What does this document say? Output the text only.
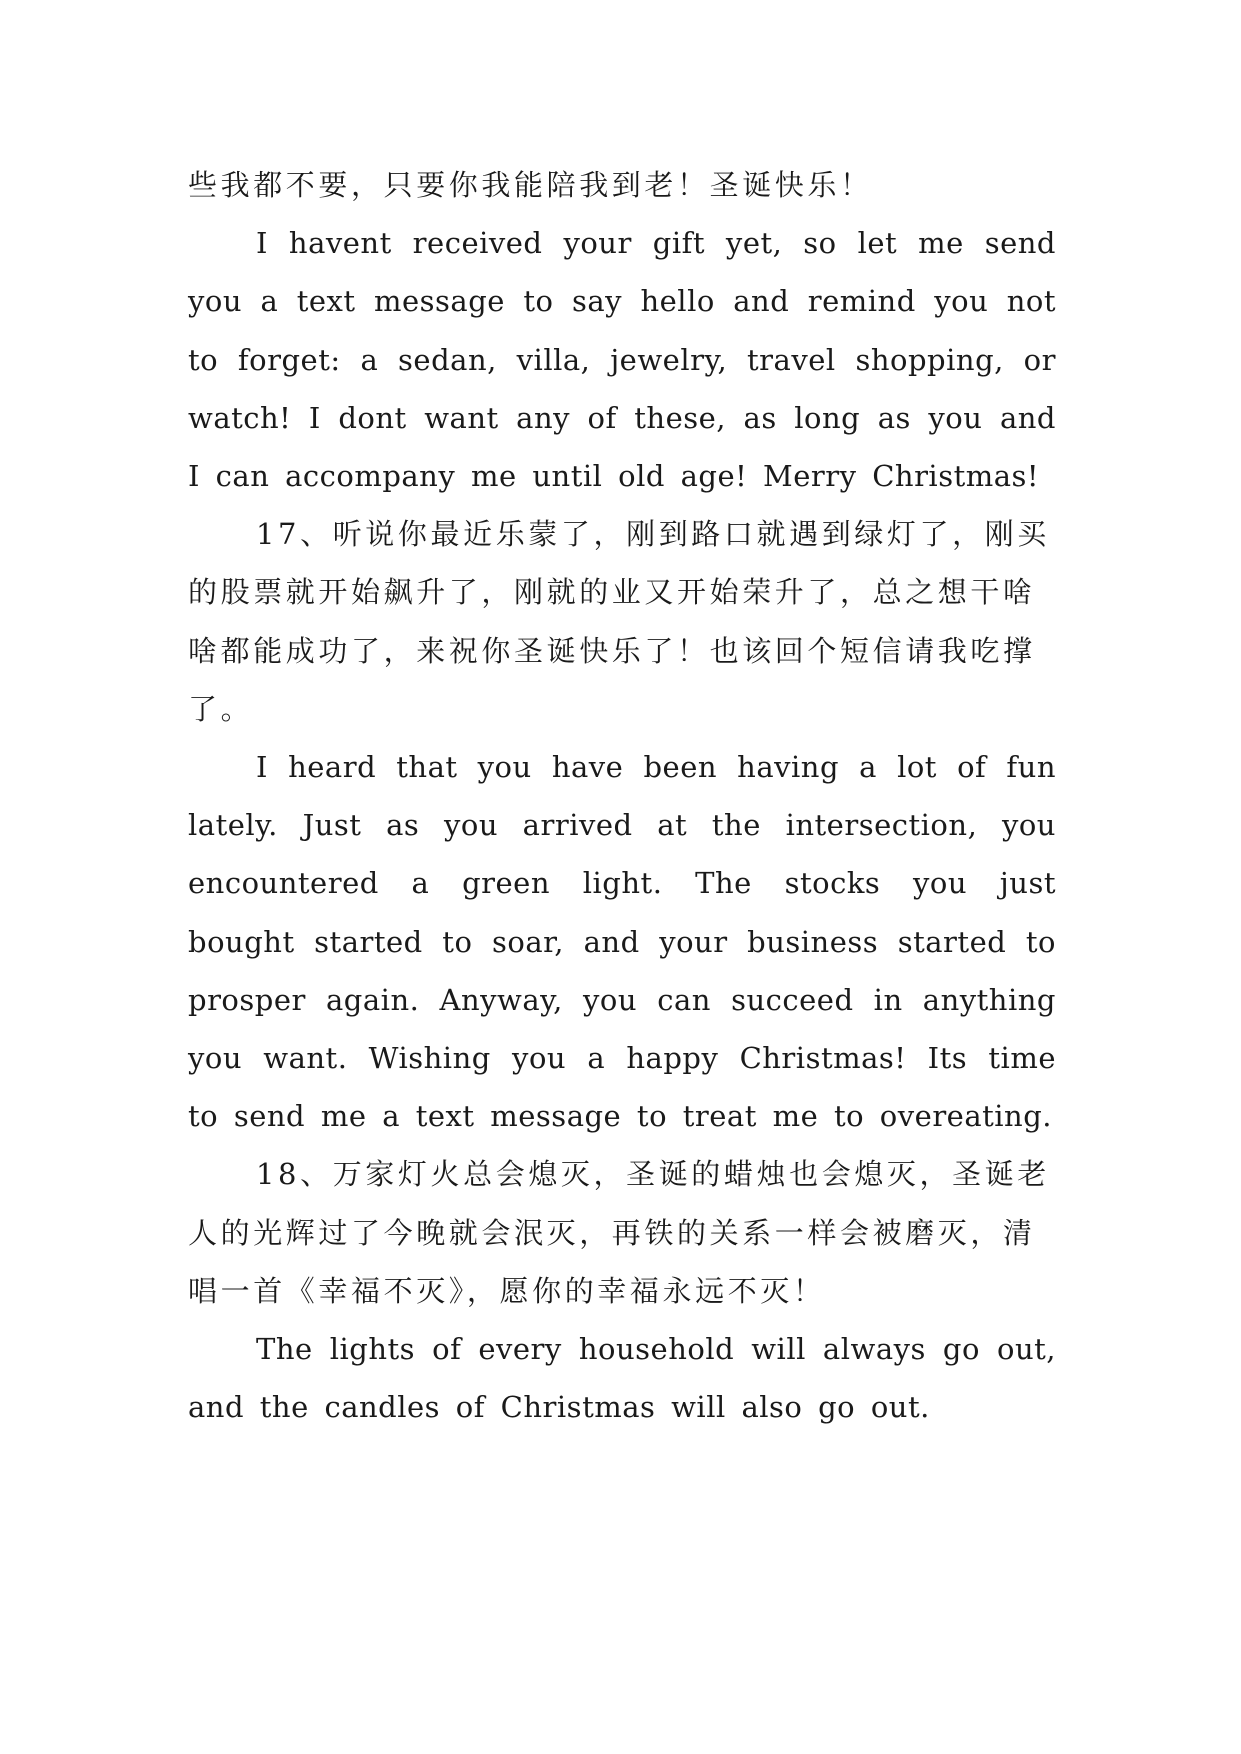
些我都不要，只要你我能陪我到老！圣诞快乐！

I havent received your gift yet, so let me send you a text message to say hello and remind you not to forget: a sedan, villa, jewelry, travel shopping, or watch! I dont want any of these, as long as you and I can accompany me until old age! Merry Christmas!

17、听说你最近乐蒙了，刚到路口就遇到绿灯了，刚买的股票就开始飙升了，刚就的业又开始荣升了，总之想干啥啥都能成功了，来祝你圣诞快乐了！也该回个短信请我吃撑了。

I heard that you have been having a lot of fun lately. Just as you arrived at the intersection, you encountered a green light. The stocks you just bought started to soar, and your business started to prosper again. Anyway, you can succeed in anything you want. Wishing you a happy Christmas! Its time to send me a text message to treat me to overeating.

18、万家灯火总会熄灭，圣诞的蜡烛也会熄灭，圣诞老人的光辉过了今晚就会泯灭，再铁的关系一样会被磨灭，清唱一首《幸福不灭》，愿你的幸福永远不灭！

The lights of every household will always go out, and the candles of Christmas will also go out.
